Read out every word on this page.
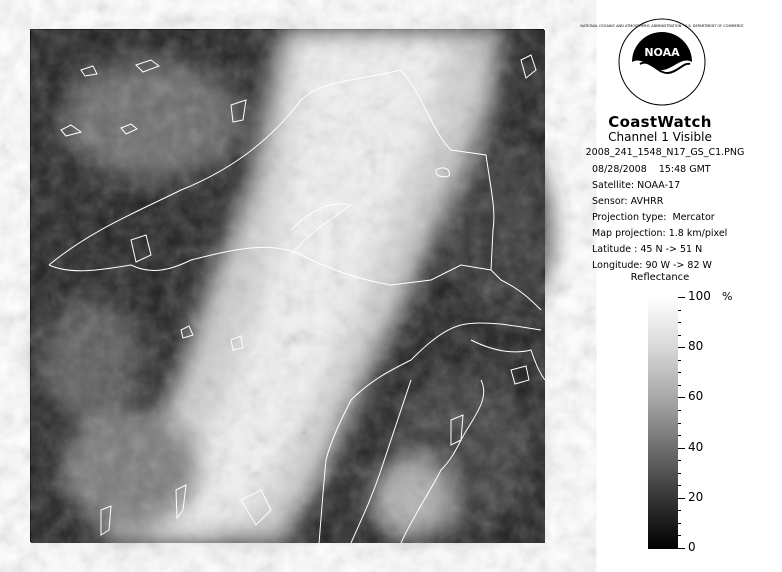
NOAA
NATIONAL OCEANIC AND ATMOSPHERIC ADMINISTRATION · U.S. DEPARTMENT OF COMMERCE
CoastWatch
Channel 1 Visible
2008_241_1548_N17_GS_C1.PNG
08/28/2008    15:48 GMT
Satellite: NOAA-17
Sensor: AVHRR
Projection type:  Mercator
Map projection: 1.8 km/pixel
Latitude : 45 N -> 51 N
Longitude: 90 W -> 82 W
Reflectance
100
80
60
40
20
0
%
